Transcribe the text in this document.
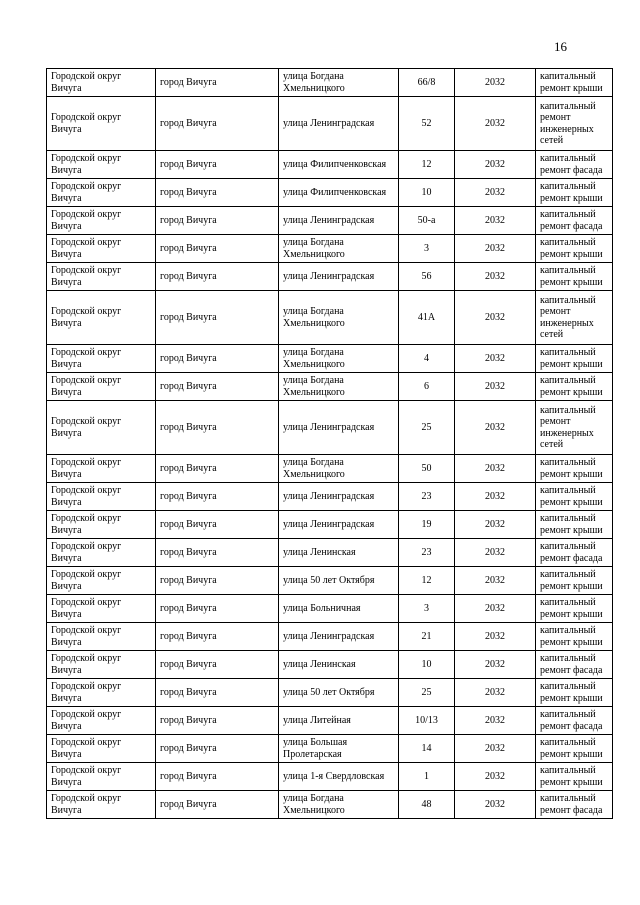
16
Городской округ Вичуга	город Вичуга	улица Богдана Хмельницкого	66/8	2032	капитальный ремонт крыши
Городской округ Вичуга	город Вичуга	улица Ленинградская	52	2032	капитальный ремонт инженерных сетей
Городской округ Вичуга	город Вичуга	улица Филипченковская	12	2032	капитальный ремонт фасада
Городской округ Вичуга	город Вичуга	улица Филипченковская	10	2032	капитальный ремонт крыши
Городской округ Вичуга	город Вичуга	улица Ленинградская	50-а	2032	капитальный ремонт фасада
Городской округ Вичуга	город Вичуга	улица Богдана Хмельницкого	3	2032	капитальный ремонт крыши
Городской округ Вичуга	город Вичуга	улица Ленинградская	56	2032	капитальный ремонт крыши
Городской округ Вичуга	город Вичуга	улица Богдана Хмельницкого	41А	2032	капитальный ремонт инженерных сетей
Городской округ Вичуга	город Вичуга	улица Богдана Хмельницкого	4	2032	капитальный ремонт крыши
Городской округ Вичуга	город Вичуга	улица Богдана Хмельницкого	6	2032	капитальный ремонт крыши
Городской округ Вичуга	город Вичуга	улица Ленинградская	25	2032	капитальный ремонт инженерных сетей
Городской округ Вичуга	город Вичуга	улица Богдана Хмельницкого	50	2032	капитальный ремонт крыши
Городской округ Вичуга	город Вичуга	улица Ленинградская	23	2032	капитальный ремонт крыши
Городской округ Вичуга	город Вичуга	улица Ленинградская	19	2032	капитальный ремонт крыши
Городской округ Вичуга	город Вичуга	улица Ленинская	23	2032	капитальный ремонт фасада
Городской округ Вичуга	город Вичуга	улица 50 лет Октября	12	2032	капитальный ремонт крыши
Городской округ Вичуга	город Вичуга	улица Больничная	3	2032	капитальный ремонт крыши
Городской округ Вичуга	город Вичуга	улица Ленинградская	21	2032	капитальный ремонт крыши
Городской округ Вичуга	город Вичуга	улица Ленинская	10	2032	капитальный ремонт фасада
Городской округ Вичуга	город Вичуга	улица 50 лет Октября	25	2032	капитальный ремонт крыши
Городской округ Вичуга	город Вичуга	улица Литейная	10/13	2032	капитальный ремонт фасада
Городской округ Вичуга	город Вичуга	улица Большая Пролетарская	14	2032	капитальный ремонт крыши
Городской округ Вичуга	город Вичуга	улица 1-я Свердловская	1	2032	капитальный ремонт крыши
Городской округ Вичуга	город Вичуга	улица Богдана Хмельницкого	48	2032	капитальный ремонт фасада
